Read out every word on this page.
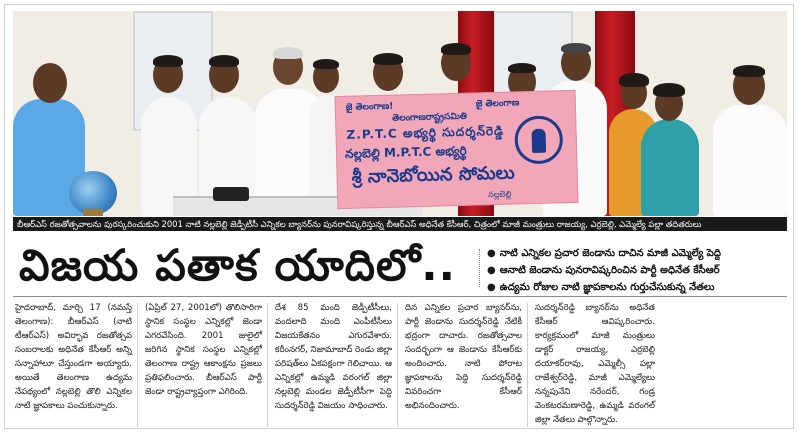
జై తెలంగాణ!	జై తెలంగాణ
తెలంగాణరాష్ట్రసమితి
Z.P.T.C అభ్యర్థి సుదర్శన్‌రెడ్డి
నల్లబెల్లి M.P.T.C అభ్యర్థి
శ్రీ నానెబోయిన సోమలు
నల్లబెల్లి
బీఆర్ఎస్ రజతోత్సవాలను పురస్కరించుకుని 2001 నాటి నల్లబెల్లి జెడ్పీటీసీ ఎన్నికల బ్యానర్‌ను పునరావిష్కరిస్తున్న బీఆర్ఎస్ అధినేత కేసీఆర్, చిత్రంలో మాజీ మంత్రులు రాజయ్య, ఎర్రబెల్లి, ఎమ్మెల్యే పల్లా తదితరులు
విజయ పతాక యాదిలో..	● నాటి ఎన్నికల ప్రచార జెండాను దాచిన మాజీ ఎమ్మెల్యే పెద్ది
● ఆనాటి జెండాను పునరావిష్కరించిన పార్టీ అధినేత కేసీఆర్
● ఉద్యమ రోజుల నాటి జ్ఞాపకాలను గుర్తుచేసుకున్న నేతలు

హైదరాబాద్, మార్చి 17 (నమస్తే తెలంగాణ): బీఆర్ఎస్ (నాటి టీఆర్ఎస్) అవిర్భావ రజతోత్సవ సంబరాలకు అధినేత కేసీఆర్ అన్ని సన్నాహాలూ చేస్తుండగా అయ్యారు. అయితే తెలంగాణ ఉద్యమ నేపథ్యంలో నల్లబెల్లి తొలి ఎన్నికల నాటి జ్ఞాపకాలు పంచుకున్నారు.

(ఏప్రిల్ 27, 2001లో) తొలిసారిగా స్థానిక సంస్థల ఎన్నికల్లో జెండా ఎగరవేసింది. 2001 జులైలో జరిగిన స్థానిక సంస్థల ఎన్నికల్లో తెలంగాణ రాష్ట్ర ఆకాంక్షను ప్రజలు ప్రతిఫలించారు. బీఆర్ఎస్ పార్టీ జెండా రాష్ట్రవ్యాప్తంగా ఎగిరింది.

దేశ 85 మంది జెడ్పీటీసీలు, వందలాది మంది ఎంపీటీసీలు విజయకేతనం ఎగురవేశారు. కరీంనగర్, నిజామాబాద్ రెండు జిల్లా పరిషత్‌లు ఏకపక్షంగా గెలిచాయి. ఆ ఎన్నికల్లో ఉమ్మడి వరంగల్ జిల్లా నల్లబెల్లి మండల జెడ్పీటీసీగా పెద్ది సుదర్శన్‌రెడ్డి విజయం సాధించారు.

దిన ఎన్నికల ప్రచార బ్యానర్‌ను, పార్టీ జెండాను సుదర్శన్‌రెడ్డి నేటికీ భద్రంగా దాచారు. రజతోత్సవాల సందర్భంగా ఆ జెండాను కేసీఆర్‌కు అందించారు. నాటి పోరాట జ్ఞాపకాలను పెద్ది సుదర్శన్‌రెడ్డి వివరించగా కేసీఆర్ అభినందించారు.

సుదర్శన్‌రెడ్డి బ్యానర్‌ను అధినేత కేసీఆర్ ఆవిష్కరించారు. కార్యక్రమంలో మాజీ మంత్రులు డాక్టర్ రాజయ్య, ఎర్రబెల్లి దయాకర్‌రావు, ఎమ్మెల్సీ పల్లా రాజేశ్వర్‌రెడ్డి, మాజీ ఎమ్మెల్యేలు నన్నపునేని నరేందర్, గండ్ర వెంకటరమణారెడ్డి, ఉమ్మడి వరంగల్ జిల్లా నేతలు పాల్గొన్నారు.
